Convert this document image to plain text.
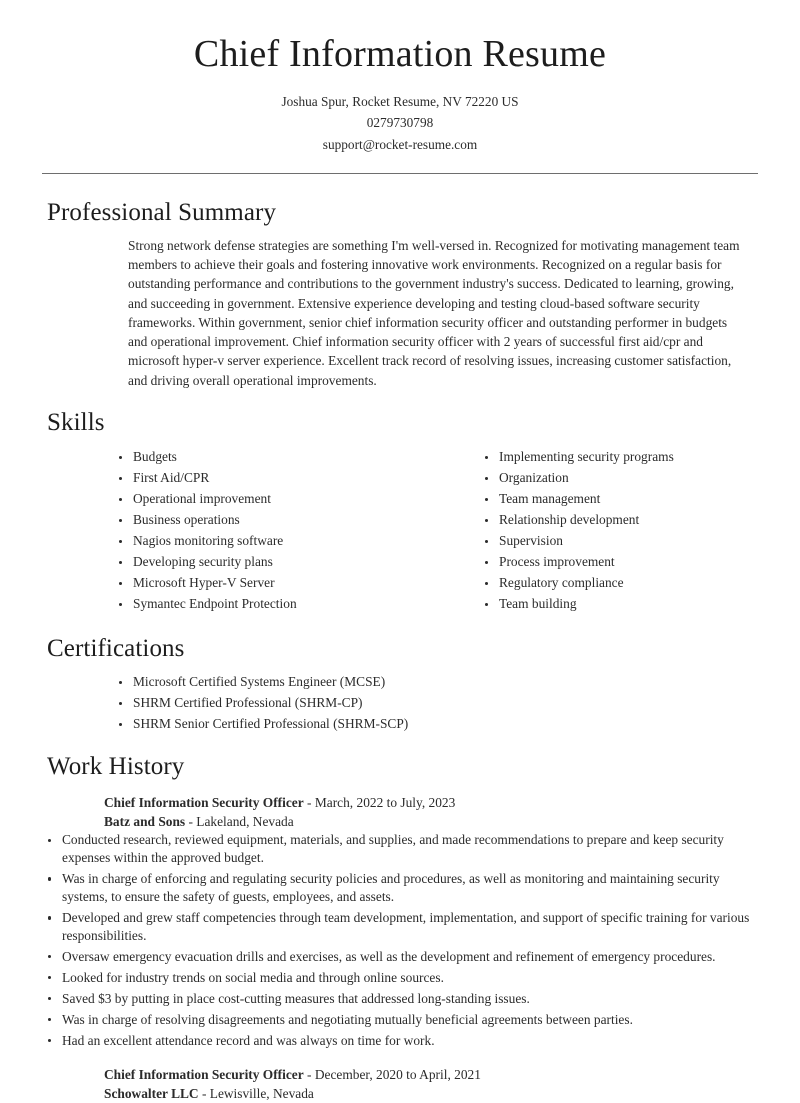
Chief Information Resume
Joshua Spur, Rocket Resume, NV 72220 US
0279730798
support@rocket-resume.com
Professional Summary

Strong network defense strategies are something I'm well-versed in. Recognized for motivating management team members to achieve their goals and fostering innovative work environments. Recognized on a regular basis for outstanding performance and contributions to the government industry's success. Dedicated to learning, growing, and succeeding in government. Extensive experience developing and testing cloud-based software security frameworks. Within government, senior chief information security officer and outstanding performer in budgets and operational improvement. Chief information security officer with 2 years of successful first aid/cpr and microsoft hyper-v server experience. Excellent track record of resolving issues, increasing customer satisfaction, and driving overall operational improvements.

Skills
Budgets
First Aid/CPR
Operational improvement
Business operations
Nagios monitoring software
Developing security plans
Microsoft Hyper-V Server
Symantec Endpoint Protection
Implementing security programs
Organization
Team management
Relationship development
Supervision
Process improvement
Regulatory compliance
Team building
Certifications
Microsoft Certified Systems Engineer (MCSE)
SHRM Certified Professional (SHRM-CP)
SHRM Senior Certified Professional (SHRM-SCP)
Work History
Chief Information Security Officer - March, 2022 to July, 2023
Batz and Sons - Lakeland, Nevada
Conducted research, reviewed equipment, materials, and supplies, and made recommendations to prepare and keep security expenses within the approved budget.
Was in charge of enforcing and regulating security policies and procedures, as well as monitoring and maintaining security systems, to ensure the safety of guests, employees, and assets.
Developed and grew staff competencies through team development, implementation, and support of specific training for various responsibilities.
Oversaw emergency evacuation drills and exercises, as well as the development and refinement of emergency procedures.
Looked for industry trends on social media and through online sources.
Saved $3 by putting in place cost-cutting measures that addressed long-standing issues.
Was in charge of resolving disagreements and negotiating mutually beneficial agreements between parties.
Had an excellent attendance record and was always on time for work.
Chief Information Security Officer - December, 2020 to April, 2021
Schowalter LLC - Lewisville, Nevada
